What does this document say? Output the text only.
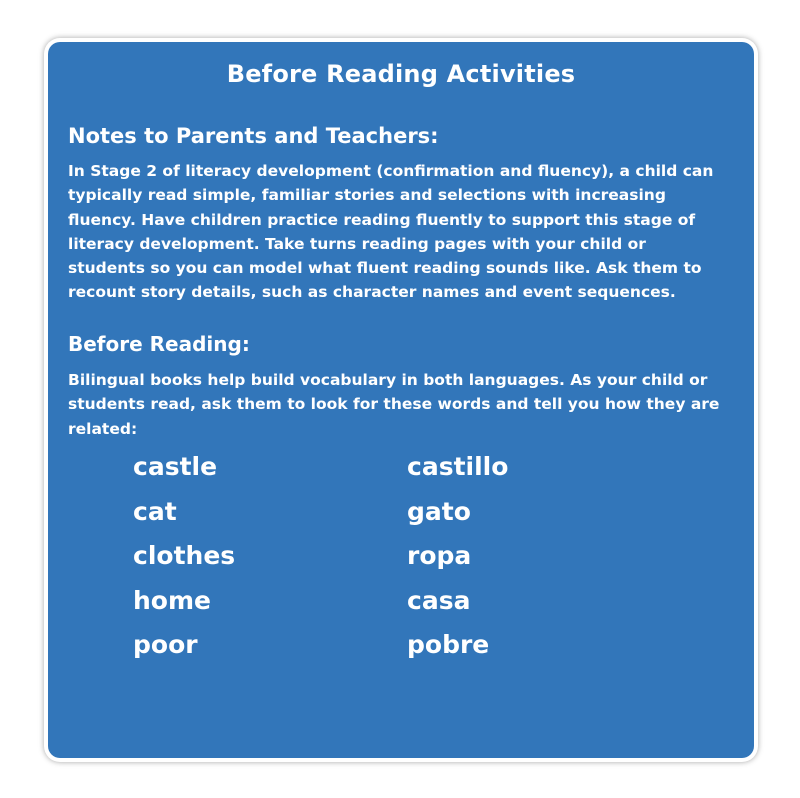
Before Reading Activities
Notes to Parents and Teachers:

In Stage 2 of literacy development (confirmation and fluency), a child can typically read simple, familiar stories and selections with increasing fluency. Have children practice reading fluently to support this stage of literacy development. Take turns reading pages with your child or students so you can model what fluent reading sounds like. Ask them to recount story details, such as character names and event sequences.

Before Reading:

Bilingual books help build vocabulary in both languages. As your child or students read, ask them to look for these words and tell you how they are related:

castle	castillo
cat	gato
clothes	ropa
home	casa
poor	pobre
